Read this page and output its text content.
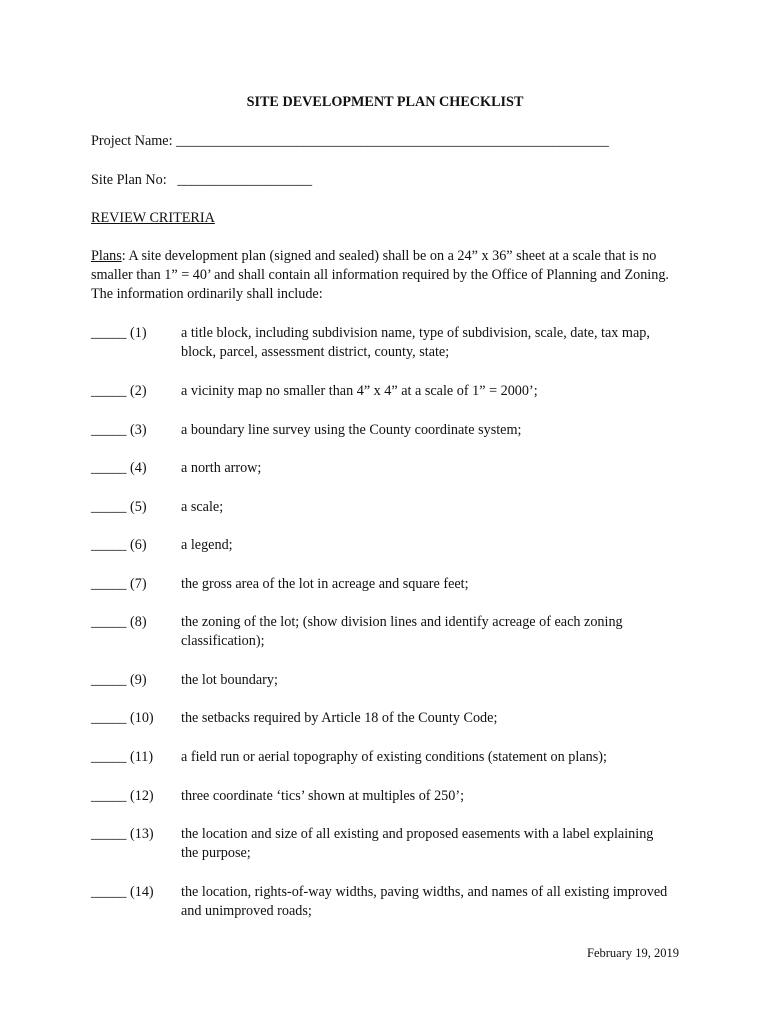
SITE DEVELOPMENT PLAN CHECKLIST
Project Name: _____________________________________________________________
Site Plan No: ___________________
REVIEW CRITERIA
Plans: A site development plan (signed and sealed) shall be on a 24” x 36” sheet at a scale that is no smaller than 1” = 40’ and shall contain all information required by the Office of Planning and Zoning. The information ordinarily shall include:
_____ (1) a title block, including subdivision name, type of subdivision, scale, date, tax map, block, parcel, assessment district, county, state;
_____ (2) a vicinity map no smaller than 4” x 4” at a scale of 1” = 2000’;
_____ (3) a boundary line survey using the County coordinate system;
_____ (4) a north arrow;
_____ (5) a scale;
_____ (6) a legend;
_____ (7) the gross area of the lot in acreage and square feet;
_____ (8) the zoning of the lot; (show division lines and identify acreage of each zoning classification);
_____ (9) the lot boundary;
_____ (10) the setbacks required by Article 18 of the County Code;
_____ (11) a field run or aerial topography of existing conditions (statement on plans);
_____ (12) three coordinate ‘tics’ shown at multiples of 250’;
_____ (13) the location and size of all existing and proposed easements with a label explaining the purpose;
_____ (14) the location, rights-of-way widths, paving widths, and names of all existing improved and unimproved roads;
February 19, 2019
